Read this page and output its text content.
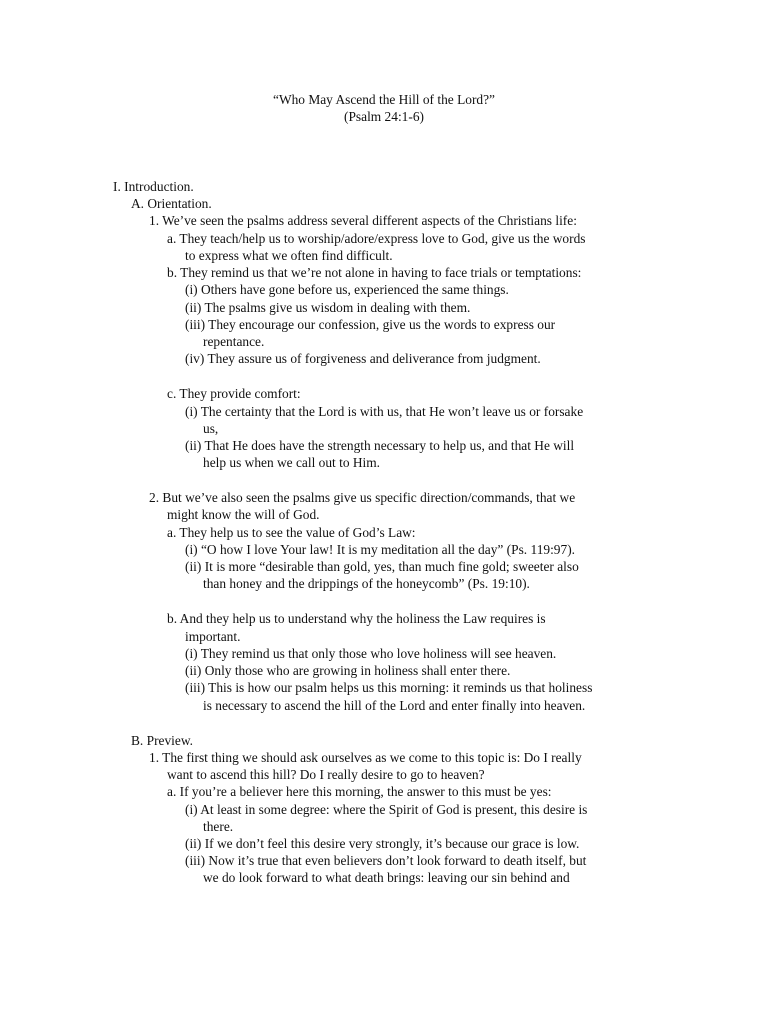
“Who May Ascend the Hill of the Lord?”
(Psalm 24:1-6)
I. Introduction.
A. Orientation.
1. We’ve seen the psalms address several different aspects of the Christians life:
a. They teach/help us to worship/adore/express love to God, give us the words
to express what we often find difficult.
b. They remind us that we’re not alone in having to face trials or temptations:
(i) Others have gone before us, experienced the same things.
(ii) The psalms give us wisdom in dealing with them.
(iii) They encourage our confession, give us the words to express our
repentance.
(iv) They assure us of forgiveness and deliverance from judgment.
c. They provide comfort:
(i) The certainty that the Lord is with us, that He won’t leave us or forsake
us,
(ii) That He does have the strength necessary to help us, and that He will
help us when we call out to Him.
2. But we’ve also seen the psalms give us specific direction/commands, that we
might know the will of God.
a. They help us to see the value of God’s Law:
(i) “O how I love Your law! It is my meditation all the day” (Ps. 119:97).
(ii) It is more “desirable than gold, yes, than much fine gold; sweeter also
than honey and the drippings of the honeycomb” (Ps. 19:10).
b. And they help us to understand why the holiness the Law requires is
important.
(i) They remind us that only those who love holiness will see heaven.
(ii) Only those who are growing in holiness shall enter there.
(iii) This is how our psalm helps us this morning: it reminds us that holiness
is necessary to ascend the hill of the Lord and enter finally into heaven.
B. Preview.
1. The first thing we should ask ourselves as we come to this topic is: Do I really
want to ascend this hill? Do I really desire to go to heaven?
a. If you’re a believer here this morning, the answer to this must be yes:
(i) At least in some degree: where the Spirit of God is present, this desire is
there.
(ii) If we don’t feel this desire very strongly, it’s because our grace is low.
(iii) Now it’s true that even believers don’t look forward to death itself, but
we do look forward to what death brings: leaving our sin behind and
